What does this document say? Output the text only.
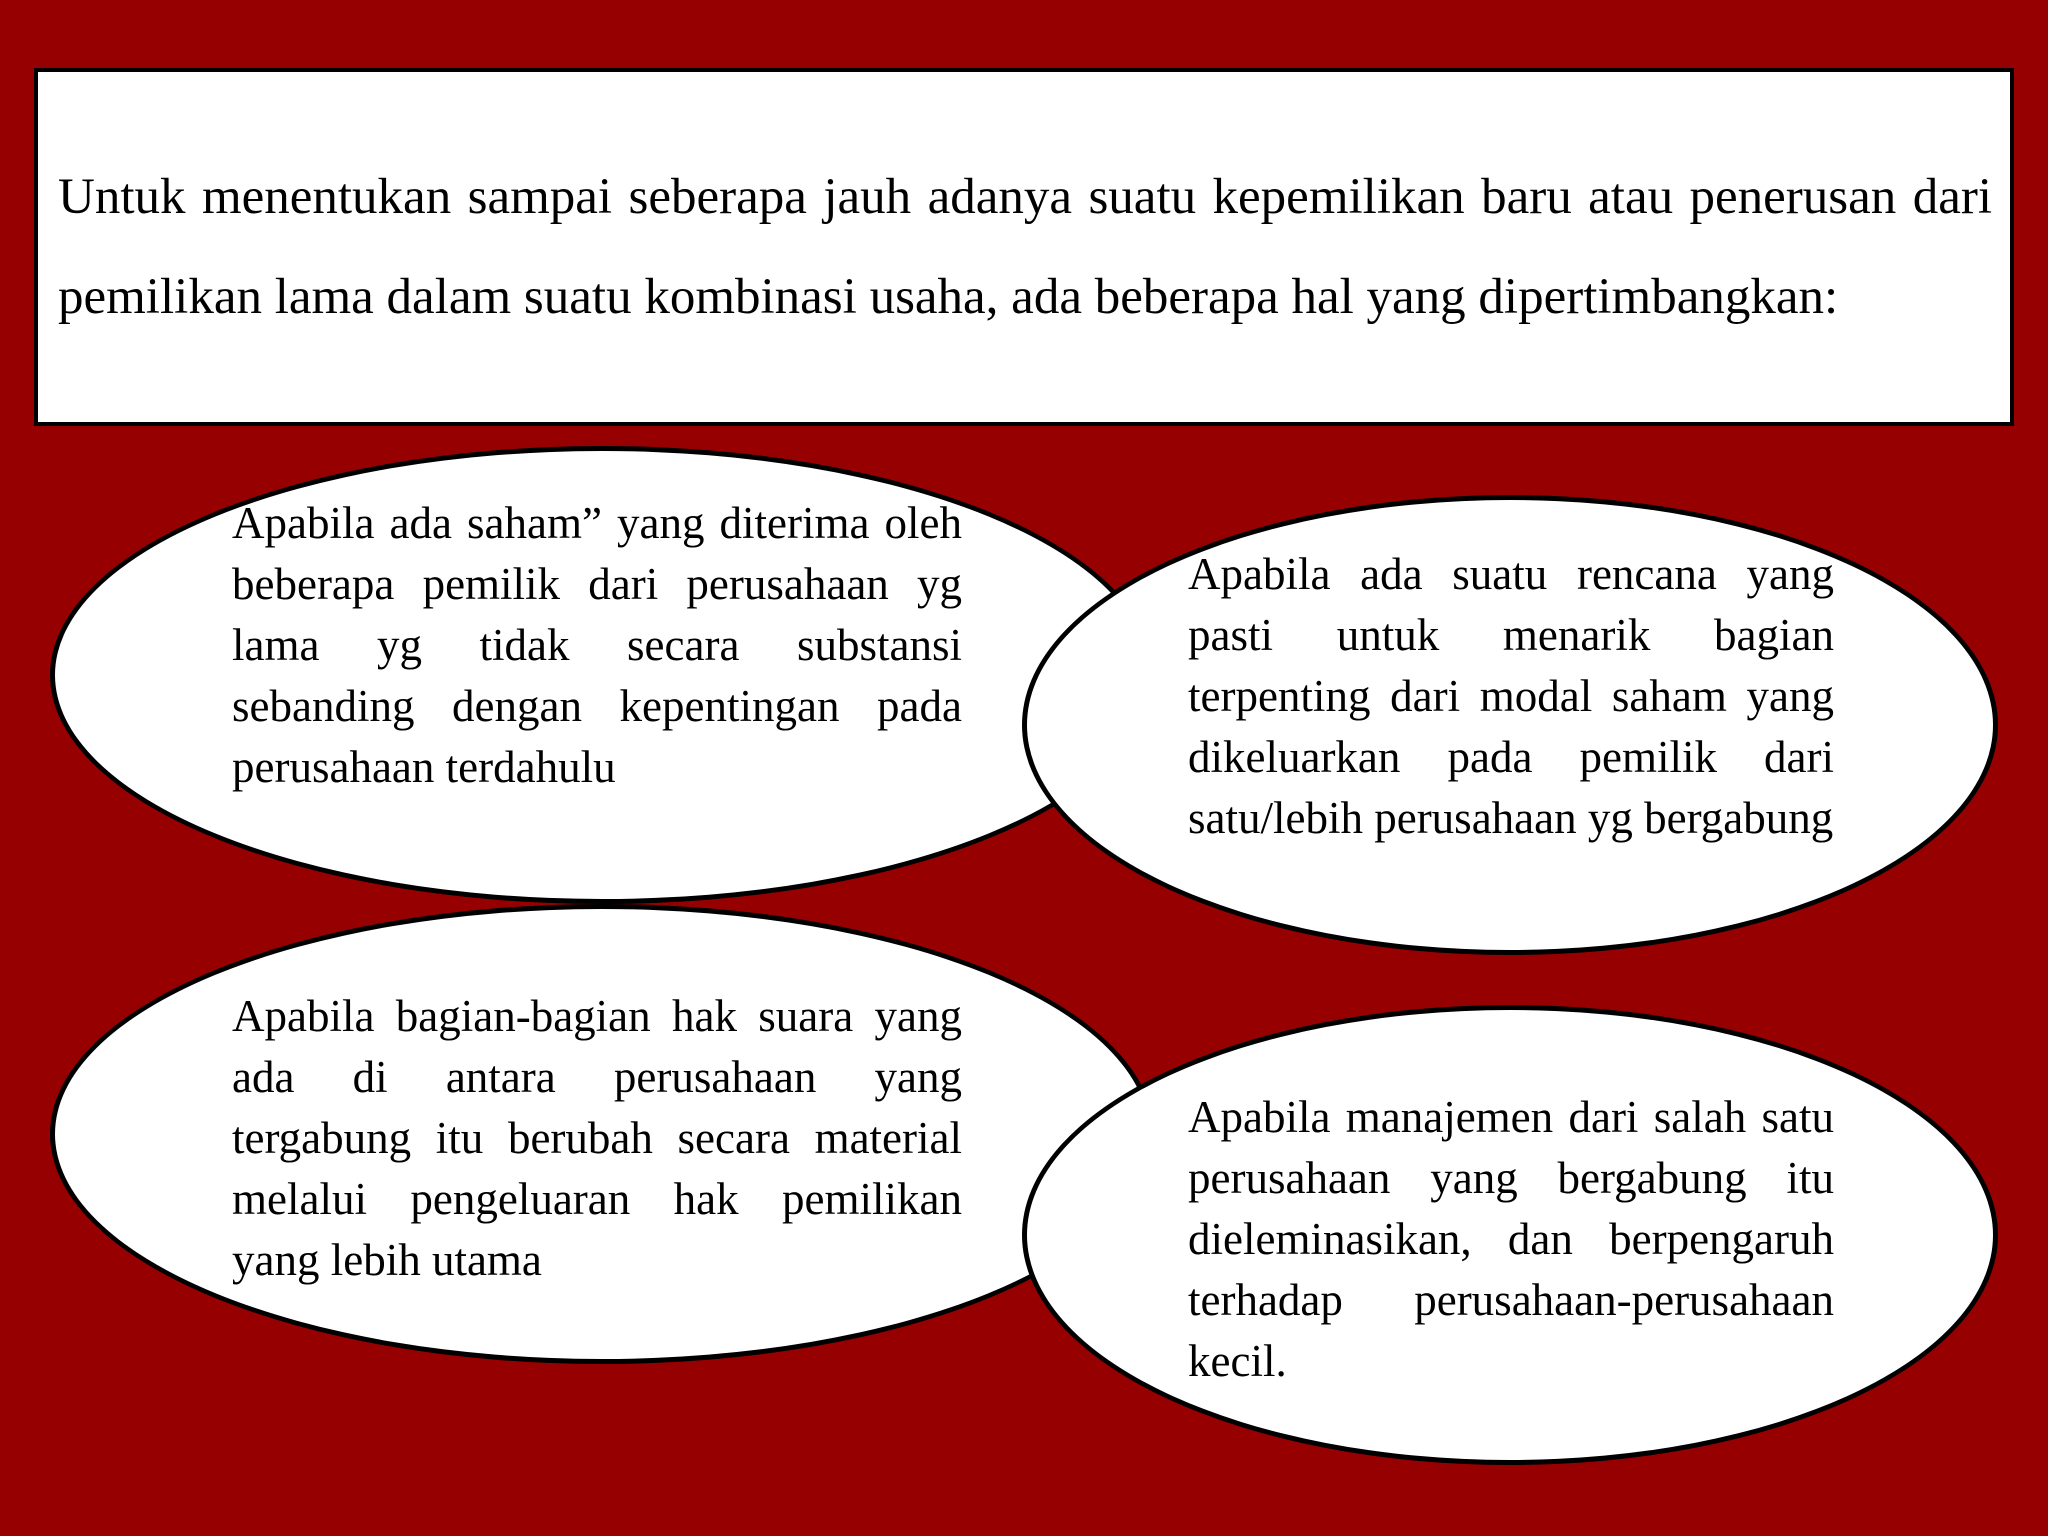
Untuk menentukan sampai seberapa jauh adanya suatu kepemilikan baru atau penerusan dari pemilikan lama dalam suatu kombinasi usaha, ada beberapa hal yang dipertimbangkan:

Apabila ada saham” yang diterima oleh beberapa pemilik dari perusahaan yg lama yg tidak secara substansi sebanding dengan kepentingan pada perusahaan terdahulu

Apabila ada suatu rencana yang pasti untuk menarik bagian terpenting dari modal saham yang dikeluarkan pada pemilik dari satu/lebih perusahaan yg bergabung

Apabila bagian-bagian hak suara yang ada di antara perusahaan yang tergabung itu berubah secara material melalui pengeluaran hak pemilikan yang lebih utama

Apabila manajemen dari salah satu perusahaan yang bergabung itu dieleminasikan, dan berpengaruh terhadap perusahaan-perusahaan kecil.
